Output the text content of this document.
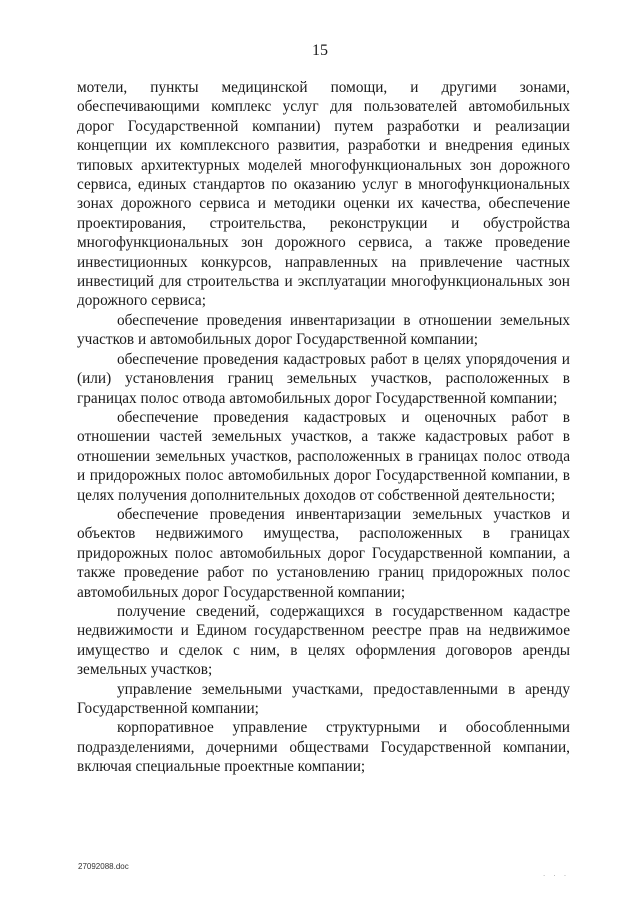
15

мотели, пункты медицинской помощи, и другими зонами, обеспечивающими комплекс услуг для пользователей автомобильных дорог Государственной компании) путем разработки и реализации концепции их комплексного развития, разработки и внедрения единых типовых архитектурных моделей многофункциональных зон дорожного сервиса, единых стандартов по оказанию услуг в многофункциональных зонах дорожного сервиса и методики оценки их качества, обеспечение проектирования, строительства, реконструкции и обустройства многофункциональных зон дорожного сервиса, а также проведение инвестиционных конкурсов, направленных на привлечение частных инвестиций для строительства и эксплуатации многофункциональных зон дорожного сервиса;

обеспечение проведения инвентаризации в отношении земельных участков и автомобильных дорог Государственной компании;

обеспечение проведения кадастровых работ в целях упорядочения и (или) установления границ земельных участков, расположенных в границах полос отвода автомобильных дорог Государственной компании;

обеспечение проведения кадастровых и оценочных работ в отношении частей земельных участков, а также кадастровых работ в отношении земельных участков, расположенных в границах полос отвода и придорожных полос автомобильных дорог Государственной компании, в целях получения дополнительных доходов от собственной деятельности;

обеспечение проведения инвентаризации земельных участков и объектов недвижимого имущества, расположенных в границах придорожных полос автомобильных дорог Государственной компании, а также проведение работ по установлению границ придорожных полос автомобильных дорог Государственной компании;

получение сведений, содержащихся в государственном кадастре недвижимости и Едином государственном реестре прав на недвижимое имущество и сделок с ним, в целях оформления договоров аренды земельных участков;

управление земельными участками, предоставленными в аренду Государственной компании;

корпоративное управление структурными и обособленными подразделениями, дочерними обществами Государственной компании, включая специальные проектные компании;

27092088.doc
· · ·
